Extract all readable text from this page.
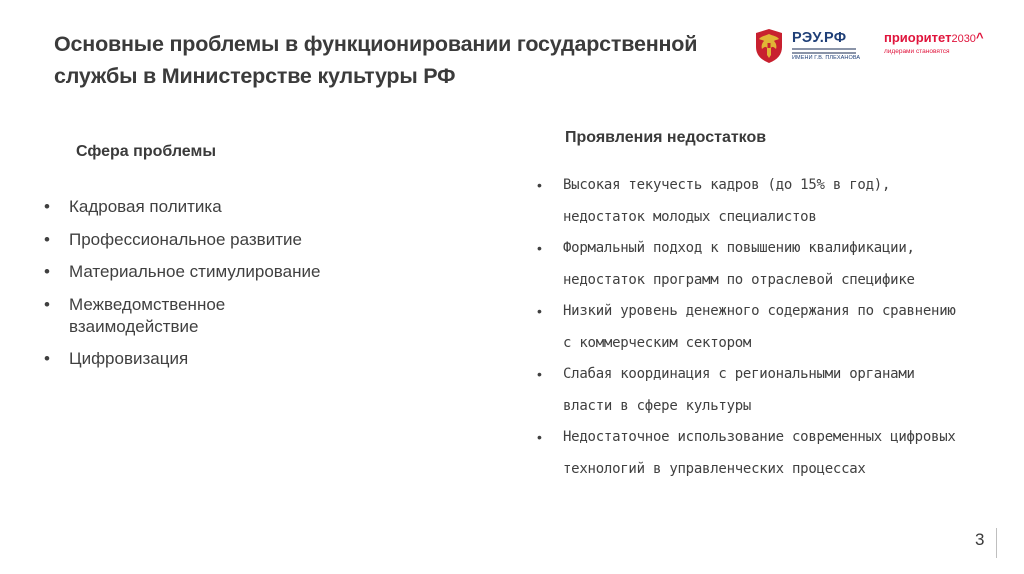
Основные проблемы в функционировании государственной
службы в Министерстве культуры РФ
РЭУ.РФ
ИМЕНИ Г.В. ПЛЕХАНОВА
приоритет2030^
лидерами становятся
Сфера проблемы
Проявления недостатков
• Кадровая политика
• Профессиональное развитие
• Материальное стимулирование
• Межведомственное взаимодействие
• Цифровизация
• Высокая текучесть кадров (до 15% в год), недостаток молодых специалистов
• Формальный подход к повышению квалификации, недостаток программ по отраслевой специфике
• Низкий уровень денежного содержания по сравнению с коммерческим сектором
• Слабая координация с региональными органами власти в сфере культуры
• Недостаточное использование современных цифровых технологий в управленческих процессах
3
